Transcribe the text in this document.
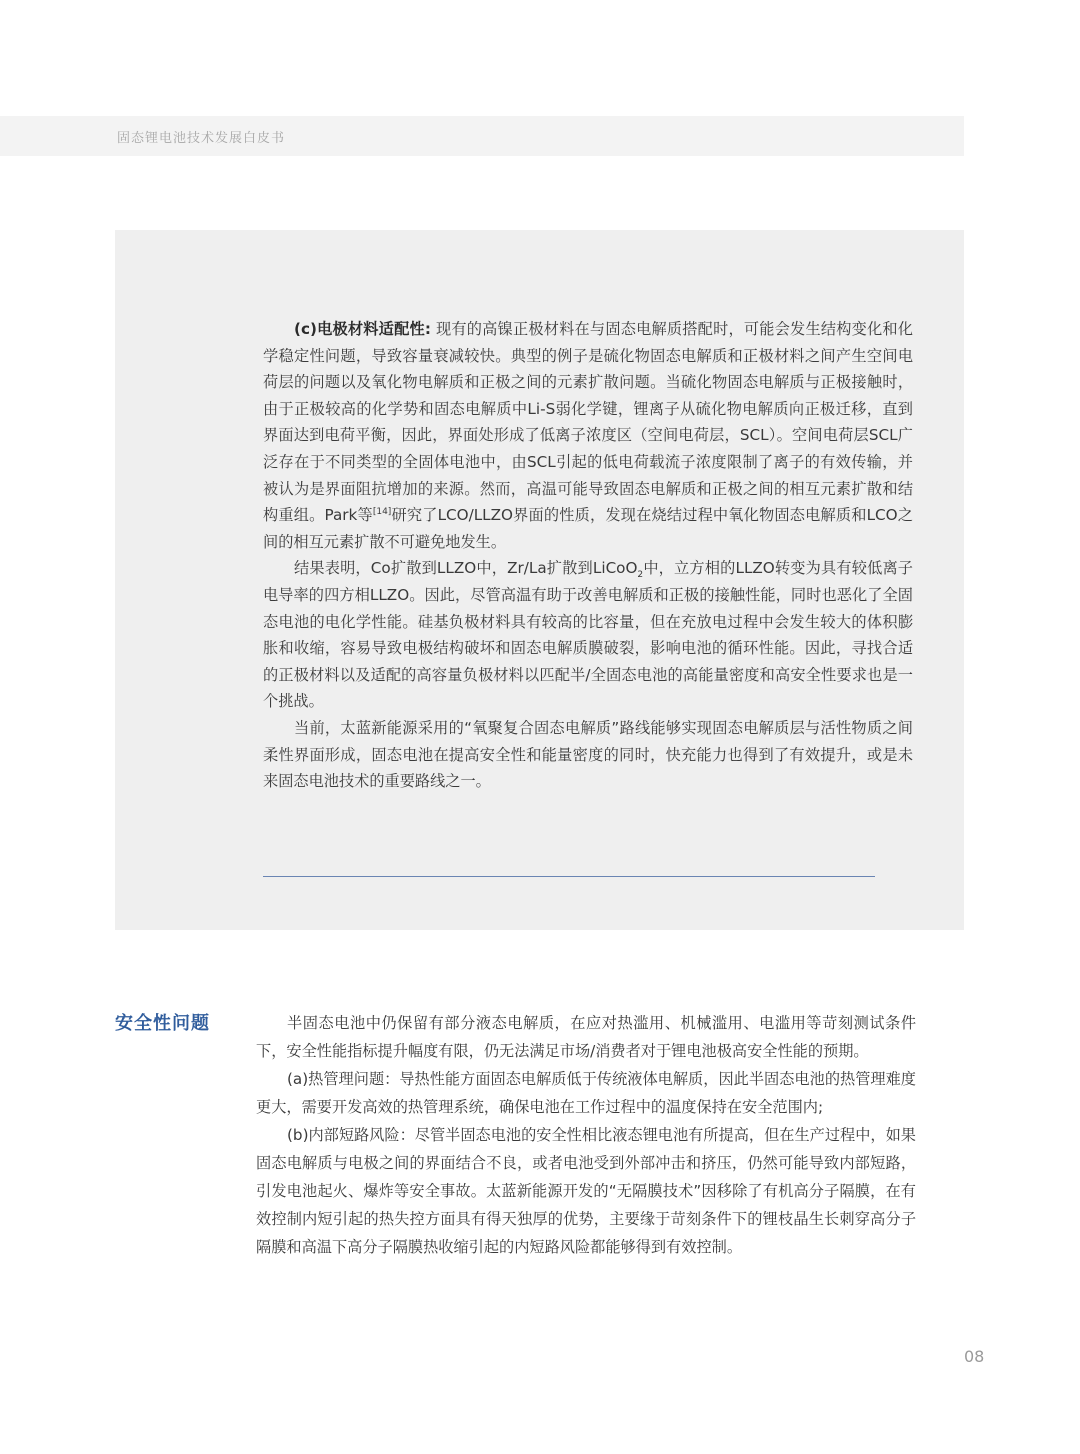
固态锂电池技术发展白皮书

(c)电极材料适配性: 现有的高镍正极材料在与固态电解质搭配时，可能会发生结构变化和化学稳定性问题，导致容量衰减较快。典型的例子是硫化物固态电解质和正极材料之间产生空间电荷层的问题以及氧化物电解质和正极之间的元素扩散问题。当硫化物固态电解质与正极接触时，由于正极较高的化学势和固态电解质中Li-S弱化学键，锂离子从硫化物电解质向正极迁移，直到界面达到电荷平衡，因此，界面处形成了低离子浓度区（空间电荷层，SCL）。空间电荷层SCL广泛存在于不同类型的全固体电池中，由SCL引起的低电荷载流子浓度限制了离子的有效传输，并被认为是界面阻抗增加的来源。然而，高温可能导致固态电解质和正极之间的相互元素扩散和结构重组。Park等[14]研究了LCO/LLZO界面的性质，发现在烧结过程中氧化物固态电解质和LCO之间的相互元素扩散不可避免地发生。

结果表明，Co扩散到LLZO中，Zr/La扩散到LiCoO$_2$中，立方相的LLZO转变为具有较低离子电导率的四方相LLZO。因此，尽管高温有助于改善电解质和正极的接触性能，同时也恶化了全固态电池的电化学性能。硅基负极材料具有较高的比容量，但在充放电过程中会发生较大的体积膨胀和收缩，容易导致电极结构破坏和固态电解质膜破裂，影响电池的循环性能。因此，寻找合适的正极材料以及适配的高容量负极材料以匹配半/全固态电池的高能量密度和高安全性要求也是一个挑战。

当前，太蓝新能源采用的“氧聚复合固态电解质”路线能够实现固态电解质层与活性物质之间柔性界面形成，固态电池在提高安全性和能量密度的同时，快充能力也得到了有效提升，或是未来固态电池技术的重要路线之一。

安全性问题	半固态电池中仍保留有部分液态电解质，在应对热滥用、机械滥用、电滥用等苛刻测试条件下，安全性能指标提升幅度有限，仍无法满足市场/消费者对于锂电池极高安全性能的预期。

(a)热管理问题：导热性能方面固态电解质低于传统液体电解质，因此半固态电池的热管理难度更大，需要开发高效的热管理系统，确保电池在工作过程中的温度保持在安全范围内;

(b)内部短路风险：尽管半固态电池的安全性相比液态锂电池有所提高，但在生产过程中，如果固态电解质与电极之间的界面结合不良，或者电池受到外部冲击和挤压，仍然可能导致内部短路，引发电池起火、爆炸等安全事故。太蓝新能源开发的“无隔膜技术”因移除了有机高分子隔膜，在有效控制内短引起的热失控方面具有得天独厚的优势，主要缘于苛刻条件下的锂枝晶生长刺穿高分子隔膜和高温下高分子隔膜热收缩引起的内短路风险都能够得到有效控制。

08
